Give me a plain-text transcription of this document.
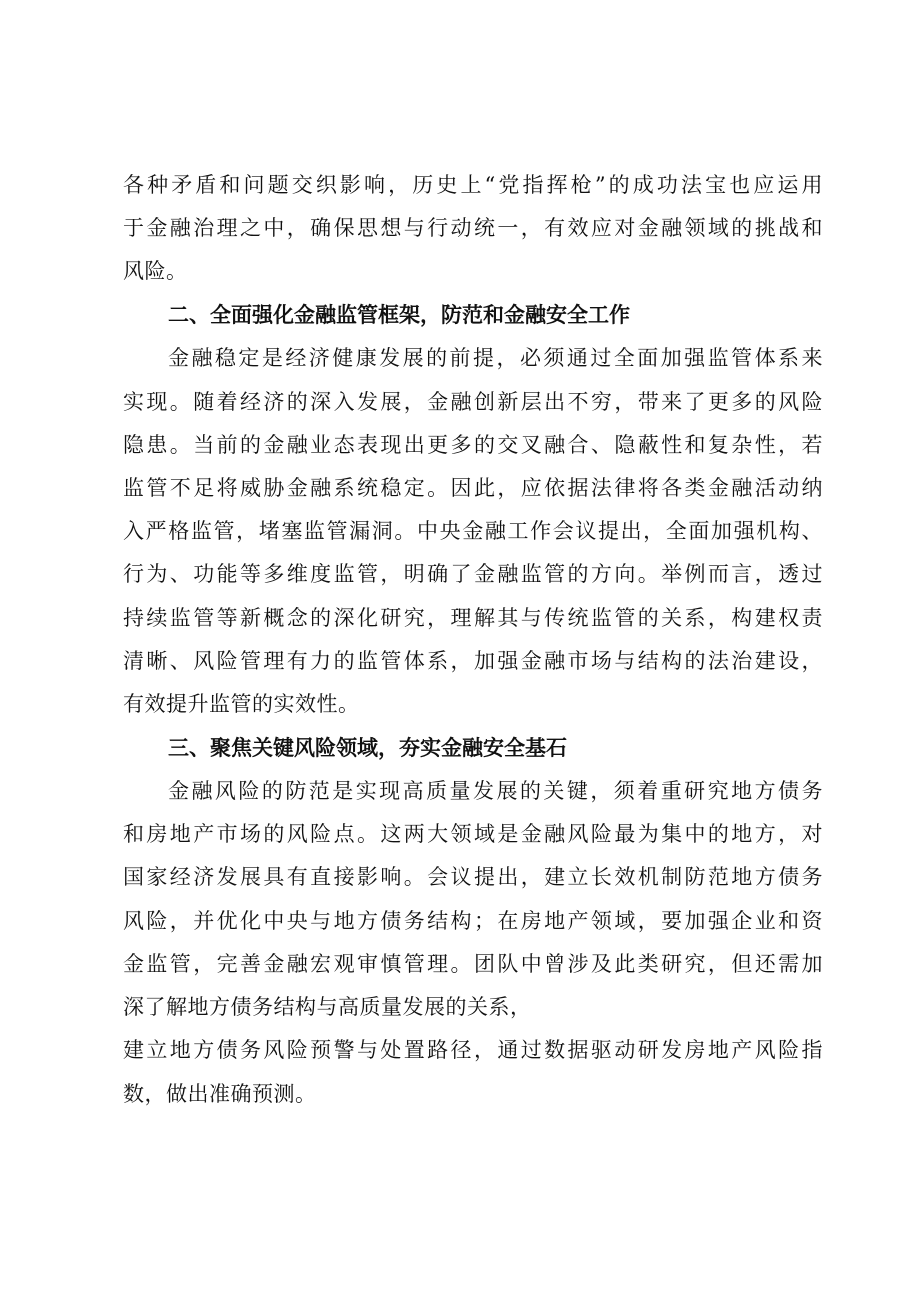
各种矛盾和问题交织影响，历史上“党指挥枪”的成功法宝也应运用
于金融治理之中，确保思想与行动统一，有效应对金融领域的挑战和
风险。
二、全面强化金融监管框架，防范和金融安全工作
金融稳定是经济健康发展的前提，必须通过全面加强监管体系来
实现。随着经济的深入发展，金融创新层出不穷，带来了更多的风险
隐患。当前的金融业态表现出更多的交叉融合、隐蔽性和复杂性，若
监管不足将威胁金融系统稳定。因此，应依据法律将各类金融活动纳
入严格监管，堵塞监管漏洞。中央金融工作会议提出，全面加强机构、
行为、功能等多维度监管，明确了金融监管的方向。举例而言，透过
持续监管等新概念的深化研究，理解其与传统监管的关系，构建权责
清晰、风险管理有力的监管体系，加强金融市场与结构的法治建设，
有效提升监管的实效性。
三、聚焦关键风险领域，夯实金融安全基石
金融风险的防范是实现高质量发展的关键，须着重研究地方债务
和房地产市场的风险点。这两大领域是金融风险最为集中的地方，对
国家经济发展具有直接影响。会议提出，建立长效机制防范地方债务
风险，并优化中央与地方债务结构；在房地产领域，要加强企业和资
金监管，完善金融宏观审慎管理。团队中曾涉及此类研究，但还需加
深了解地方债务结构与高质量发展的关系，
建立地方债务风险预警与处置路径，通过数据驱动研发房地产风险指
数，做出准确预测。
